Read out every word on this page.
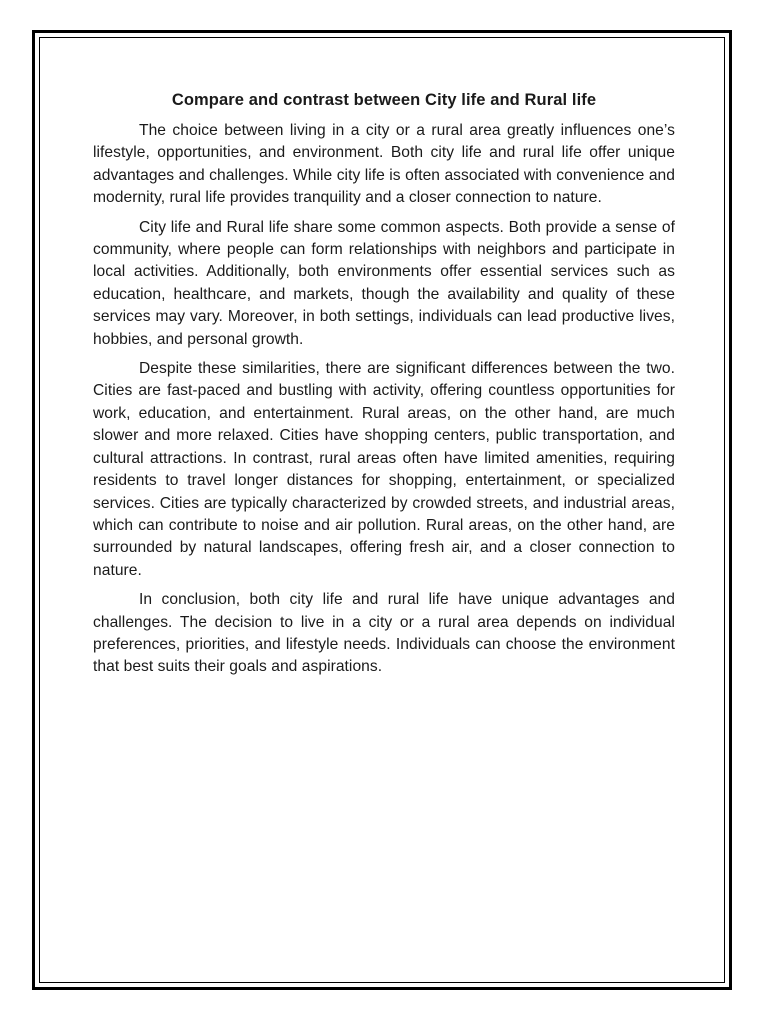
Compare and contrast between City life and Rural life

The choice between living in a city or a rural area greatly influences one’s lifestyle, opportunities, and environment. Both city life and rural life offer unique advantages and challenges. While city life is often associated with convenience and modernity, rural life provides tranquility and a closer connection to nature.

City life and Rural life share some common aspects. Both provide a sense of community, where people can form relationships with neighbors and participate in local activities. Additionally, both environments offer essential services such as education, healthcare, and markets, though the availability and quality of these services may vary. Moreover, in both settings, individuals can lead productive lives, hobbies, and personal growth.

Despite these similarities, there are significant differences between the two. Cities are fast-paced and bustling with activity, offering countless opportunities for work, education, and entertainment. Rural areas, on the other hand, are much slower and more relaxed. Cities have shopping centers, public transportation, and cultural attractions. In contrast, rural areas often have limited amenities, requiring residents to travel longer distances for shopping, entertainment, or specialized services. Cities are typically characterized by crowded streets, and industrial areas, which can contribute to noise and air pollution. Rural areas, on the other hand, are surrounded by natural landscapes, offering fresh air, and a closer connection to nature.

In conclusion, both city life and rural life have unique advantages and challenges. The decision to live in a city or a rural area depends on individual preferences, priorities, and lifestyle needs. Individuals can choose the environment that best suits their goals and aspirations.
